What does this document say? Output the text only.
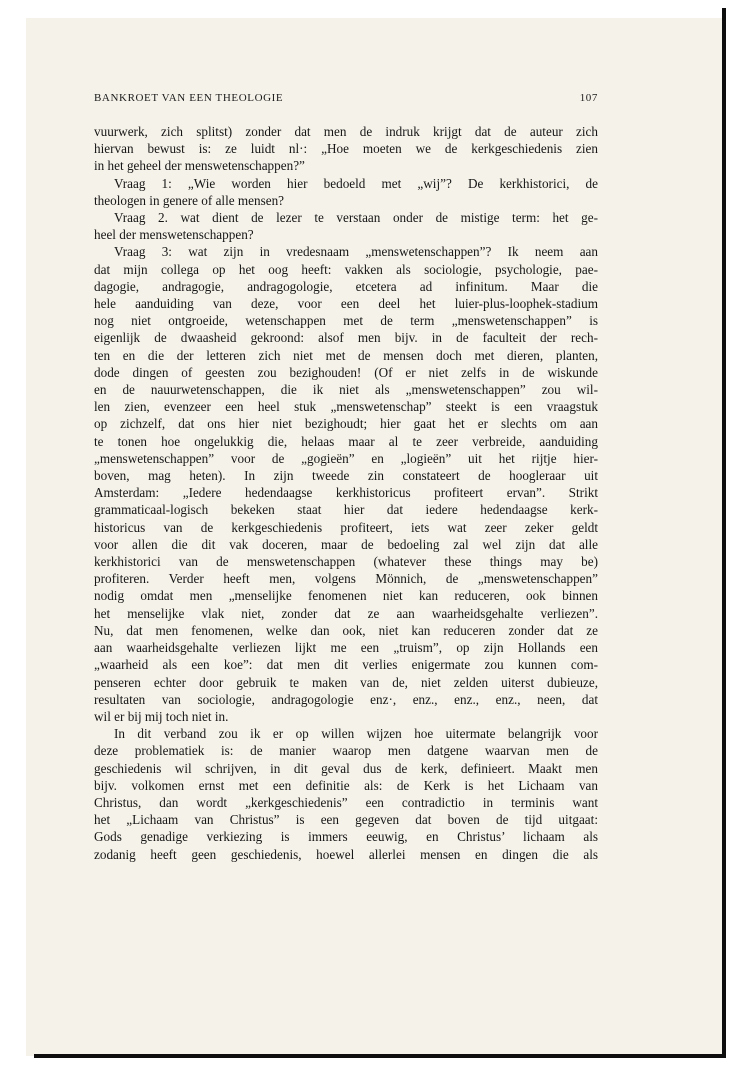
BANKROET VAN EEN THEOLOGIE	107
vuurwerk, zich splitst) zonder dat men de indruk krijgt dat de auteur zich
hiervan bewust is: ze luidt nl·: „Hoe moeten we de kerkgeschiedenis zien
in het geheel der menswetenschappen?”
Vraag 1: „Wie worden hier bedoeld met „wij”? De kerkhistorici, de
theologen in genere of alle mensen?
Vraag 2. wat dient de lezer te verstaan onder de mistige term: het ge-
heel der menswetenschappen?
Vraag 3: wat zijn in vredesnaam „menswetenschappen”? Ik neem aan
dat mijn collega op het oog heeft: vakken als sociologie, psychologie, pae-
dagogie, andragogie, andragogologie, etcetera ad infinitum. Maar die
hele aanduiding van deze, voor een deel het luier-plus-loophek-stadium
nog niet ontgroeide, wetenschappen met de term „menswetenschappen” is
eigenlijk de dwaasheid gekroond: alsof men bijv. in de faculteit der rech-
ten en die der letteren zich niet met de mensen doch met dieren, planten,
dode dingen of geesten zou bezighouden! (Of er niet zelfs in de wiskunde
en de nauurwetenschappen, die ik niet als „menswetenschappen” zou wil-
len zien, evenzeer een heel stuk „menswetenschap” steekt is een vraagstuk
op zichzelf, dat ons hier niet bezighoudt; hier gaat het er slechts om aan
te tonen hoe ongelukkig die, helaas maar al te zeer verbreide, aanduiding
„menswetenschappen” voor de „gogieën” en „logieën” uit het rijtje hier-
boven, mag heten). In zijn tweede zin constateert de hoogleraar uit
Amsterdam: „Iedere hedendaagse kerkhistoricus profiteert ervan”. Strikt
grammaticaal-logisch bekeken staat hier dat iedere hedendaagse kerk-
historicus van de kerkgeschiedenis profiteert, iets wat zeer zeker geldt
voor allen die dit vak doceren, maar de bedoeling zal wel zijn dat alle
kerkhistorici van de menswetenschappen (whatever these things may be)
profiteren. Verder heeft men, volgens Mönnich, de „menswetenschappen”
nodig omdat men „menselijke fenomenen niet kan reduceren, ook binnen
het menselijke vlak niet, zonder dat ze aan waarheidsgehalte verliezen”.
Nu, dat men fenomenen, welke dan ook, niet kan reduceren zonder dat ze
aan waarheidsgehalte verliezen lijkt me een „truism”, op zijn Hollands een
„waarheid als een koe”: dat men dit verlies enigermate zou kunnen com-
penseren echter door gebruik te maken van de, niet zelden uiterst dubieuze,
resultaten van sociologie, andragogologie enz·, enz., enz., enz., neen, dat
wil er bij mij toch niet in.
In dit verband zou ik er op willen wijzen hoe uitermate belangrijk voor
deze problematiek is: de manier waarop men datgene waarvan men de
geschiedenis wil schrijven, in dit geval dus de kerk, definieert. Maakt men
bijv. volkomen ernst met een definitie als: de Kerk is het Lichaam van
Christus, dan wordt „kerkgeschiedenis” een contradictio in terminis want
het „Lichaam van Christus” is een gegeven dat boven de tijd uitgaat:
Gods genadige verkiezing is immers eeuwig, en Christus’ lichaam als
zodanig heeft geen geschiedenis, hoewel allerlei mensen en dingen die als
